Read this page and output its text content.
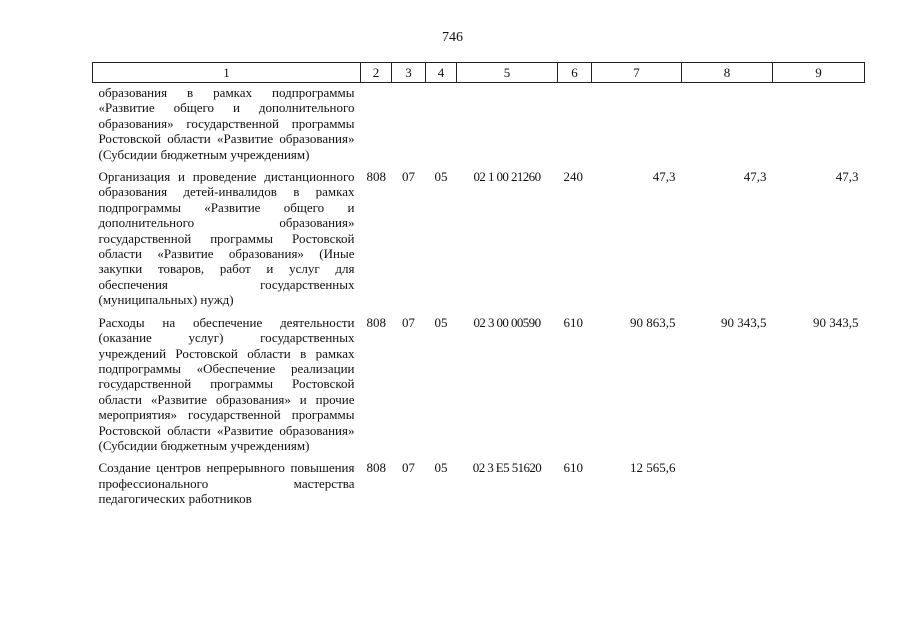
746
1	2	3	4	5	6	7	8	9
образования в рамках подпрограммы «Развитие общего и дополнительного образования» государственной программы Ростовской области «Развитие образования» (Субсидии бюджетным учреждениям)								
Организация и проведение дистанционного образования детей-инвалидов в рамках подпрограммы «Развитие общего и дополнительного образования» государственной программы Ростовской области «Развитие образования» (Иные закупки товаров, работ и услуг для обеспечения государственных (муниципальных) нужд)	808	07	05	02 1 00 21260	240	47,3	47,3	47,3
Расходы на обеспечение деятельности (оказание услуг) государственных учреждений Ростовской области в рамках подпрограммы «Обеспечение реализации государственной программы Ростовской области «Развитие образования» и прочие мероприятия» государственной программы Ростовской области «Развитие образования» (Субсидии бюджетным учреждениям)	808	07	05	02 3 00 00590	610	90 863,5	90 343,5	90 343,5
Создание центров непрерывного повышения профессионального мастерства педагогических работников	808	07	05	02 3 E5 51620	610	12 565,6		
